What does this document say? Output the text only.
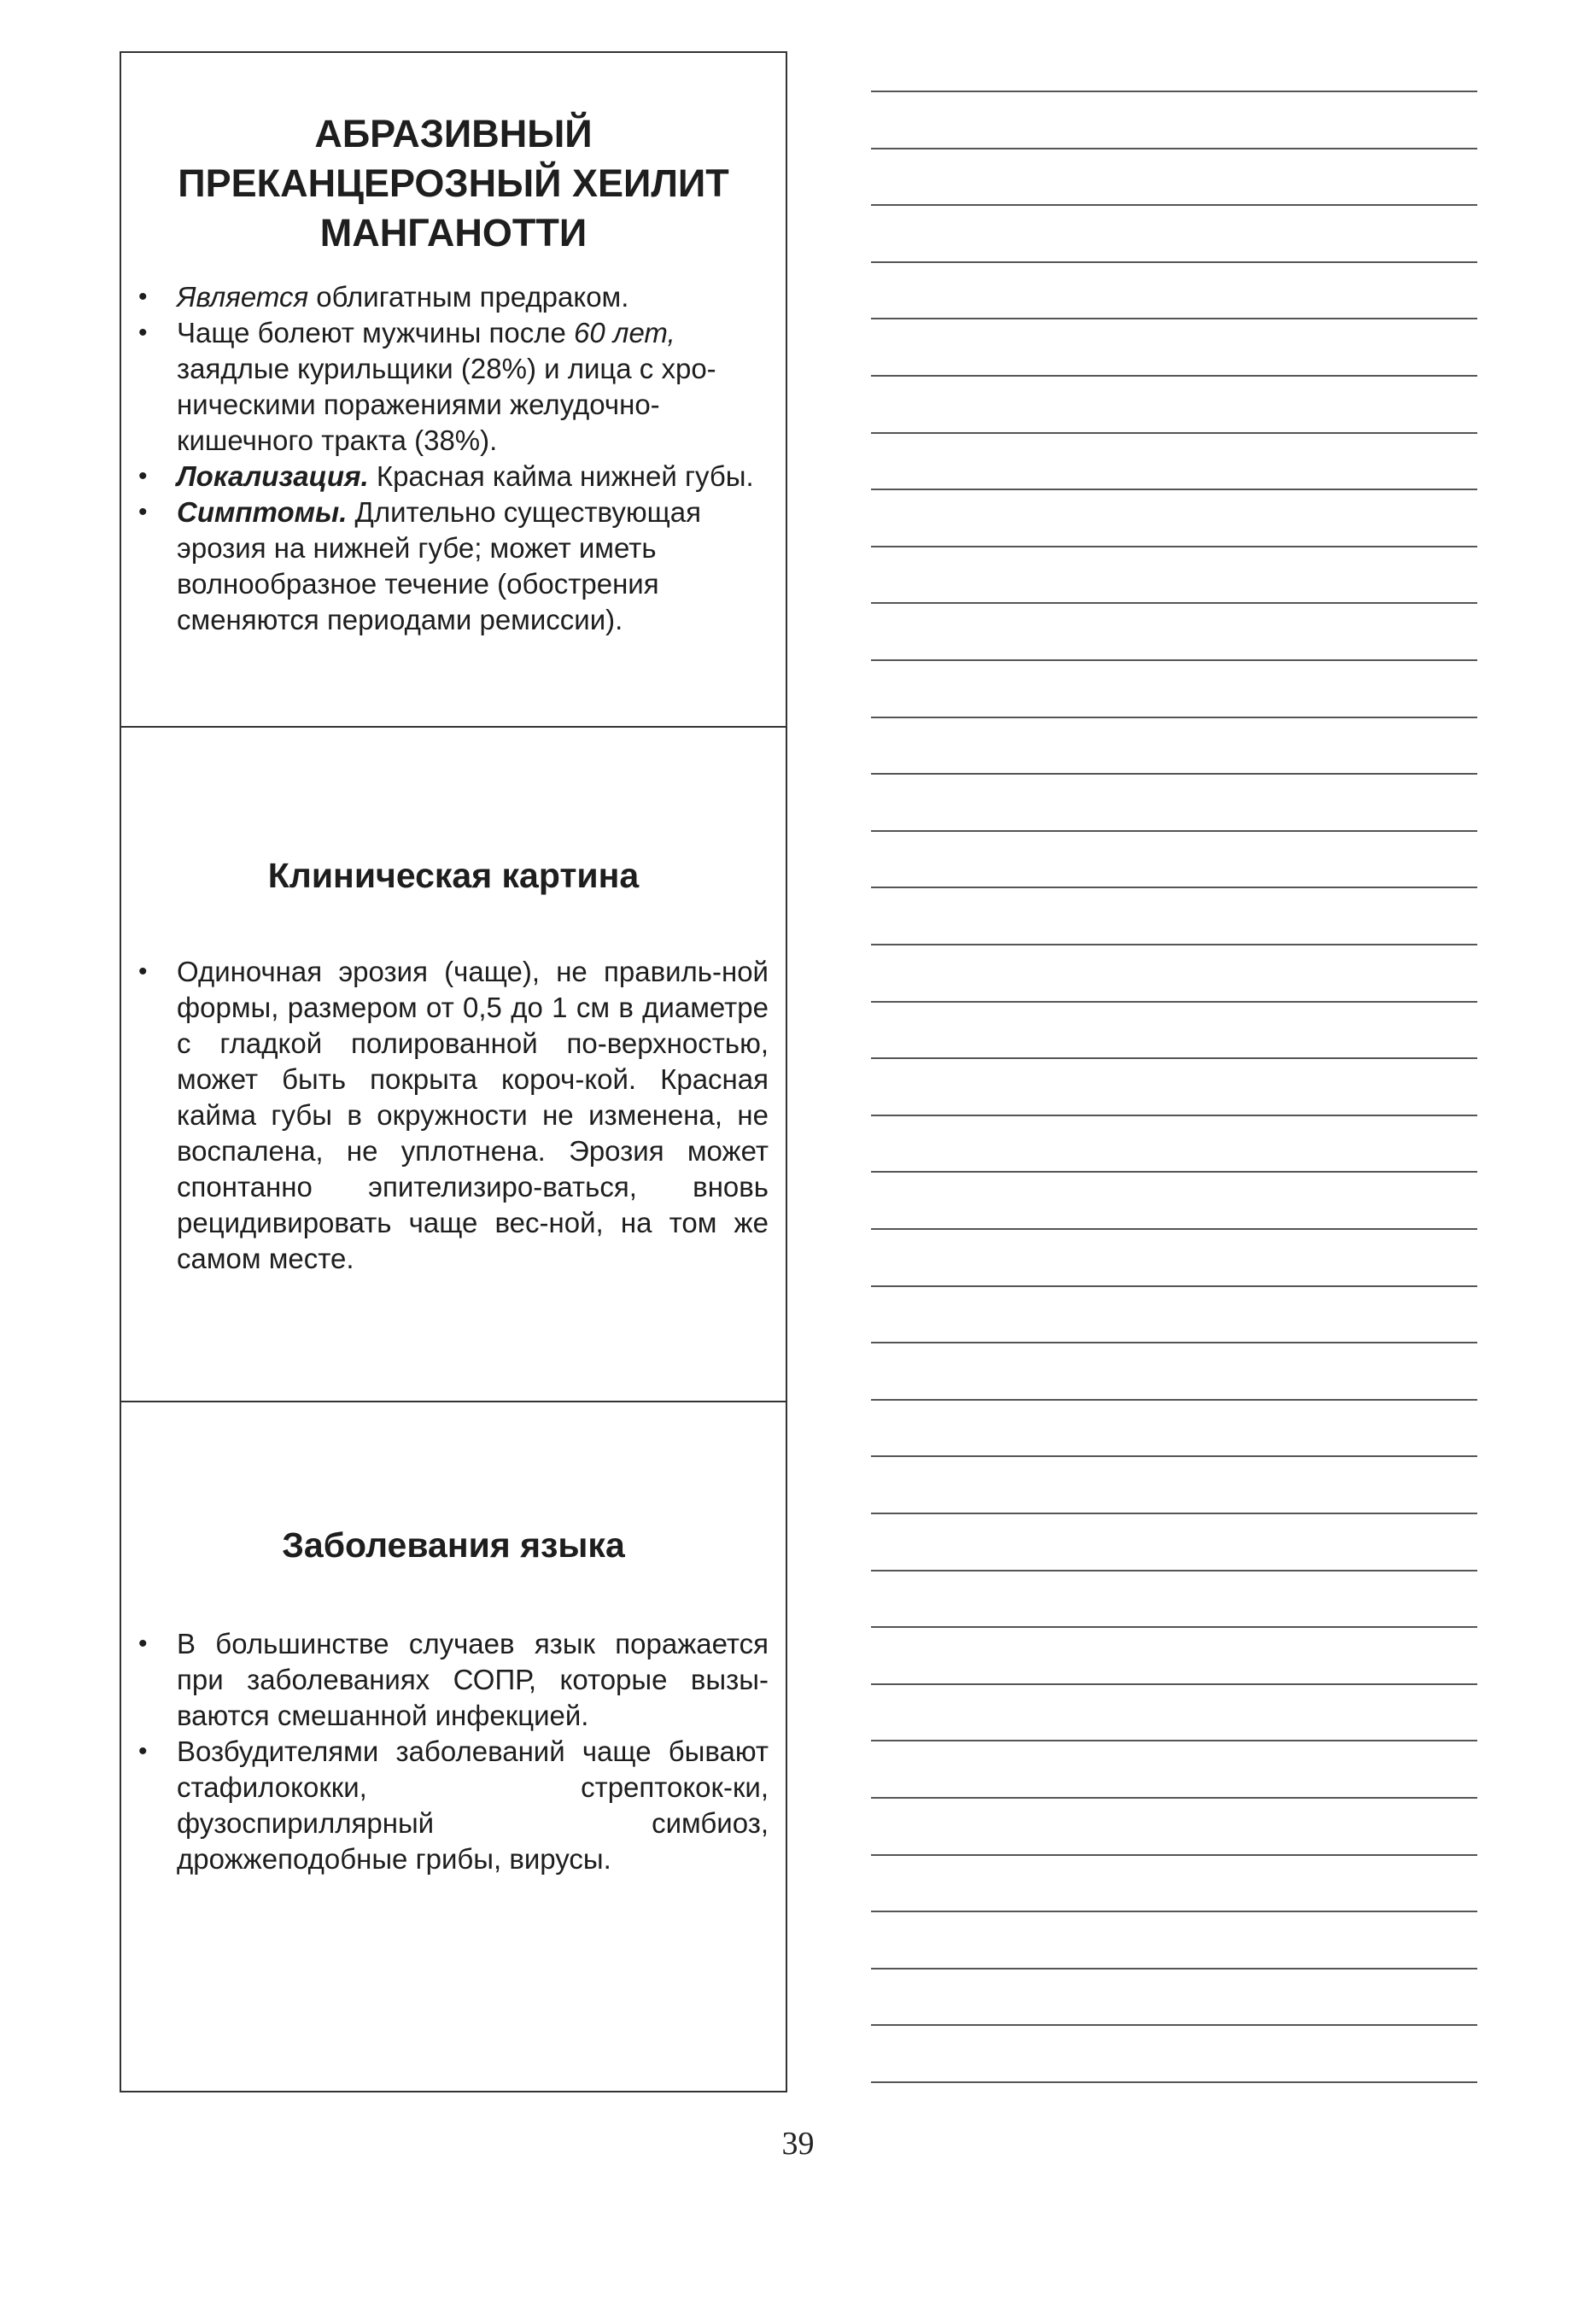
АБРАЗИВНЫЙ
ПРЕКАНЦЕРОЗНЫЙ ХЕИЛИТ
МАНГАНОТТИ
• Является облигатным предраком.
• Чаще болеют мужчины после 60 лет, заядлые курильщики (28%) и лица с хро-ническими поражениями желудочно-кишечного тракта (38%).
• Локализация. Красная кайма нижней губы.
• Симптомы. Длительно существующая эрозия на нижней губе; может иметь волнообразное течение (обострения сменяются периодами ремиссии).
Клиническая картина
• Одиночная эрозия (чаще), не правиль-ной формы, размером от 0,5 до 1 см в диаметре с гладкой полированной по-верхностью, может быть покрыта короч-кой. Красная кайма губы в окружности не изменена, не воспалена, не уплотнена. Эрозия может спонтанно эпителизиро-ваться, вновь рецидивировать чаще вес-ной, на том же самом месте.
Заболевания языка
• В большинстве случаев язык поражается при заболеваниях СОПР, которые вызы-ваются смешанной инфекцией.
• Возбудителями заболеваний чаще бывают стафилококки, стрептокок-ки, фузоспириллярный симбиоз, дрожжеподобные грибы, вирусы.
39
